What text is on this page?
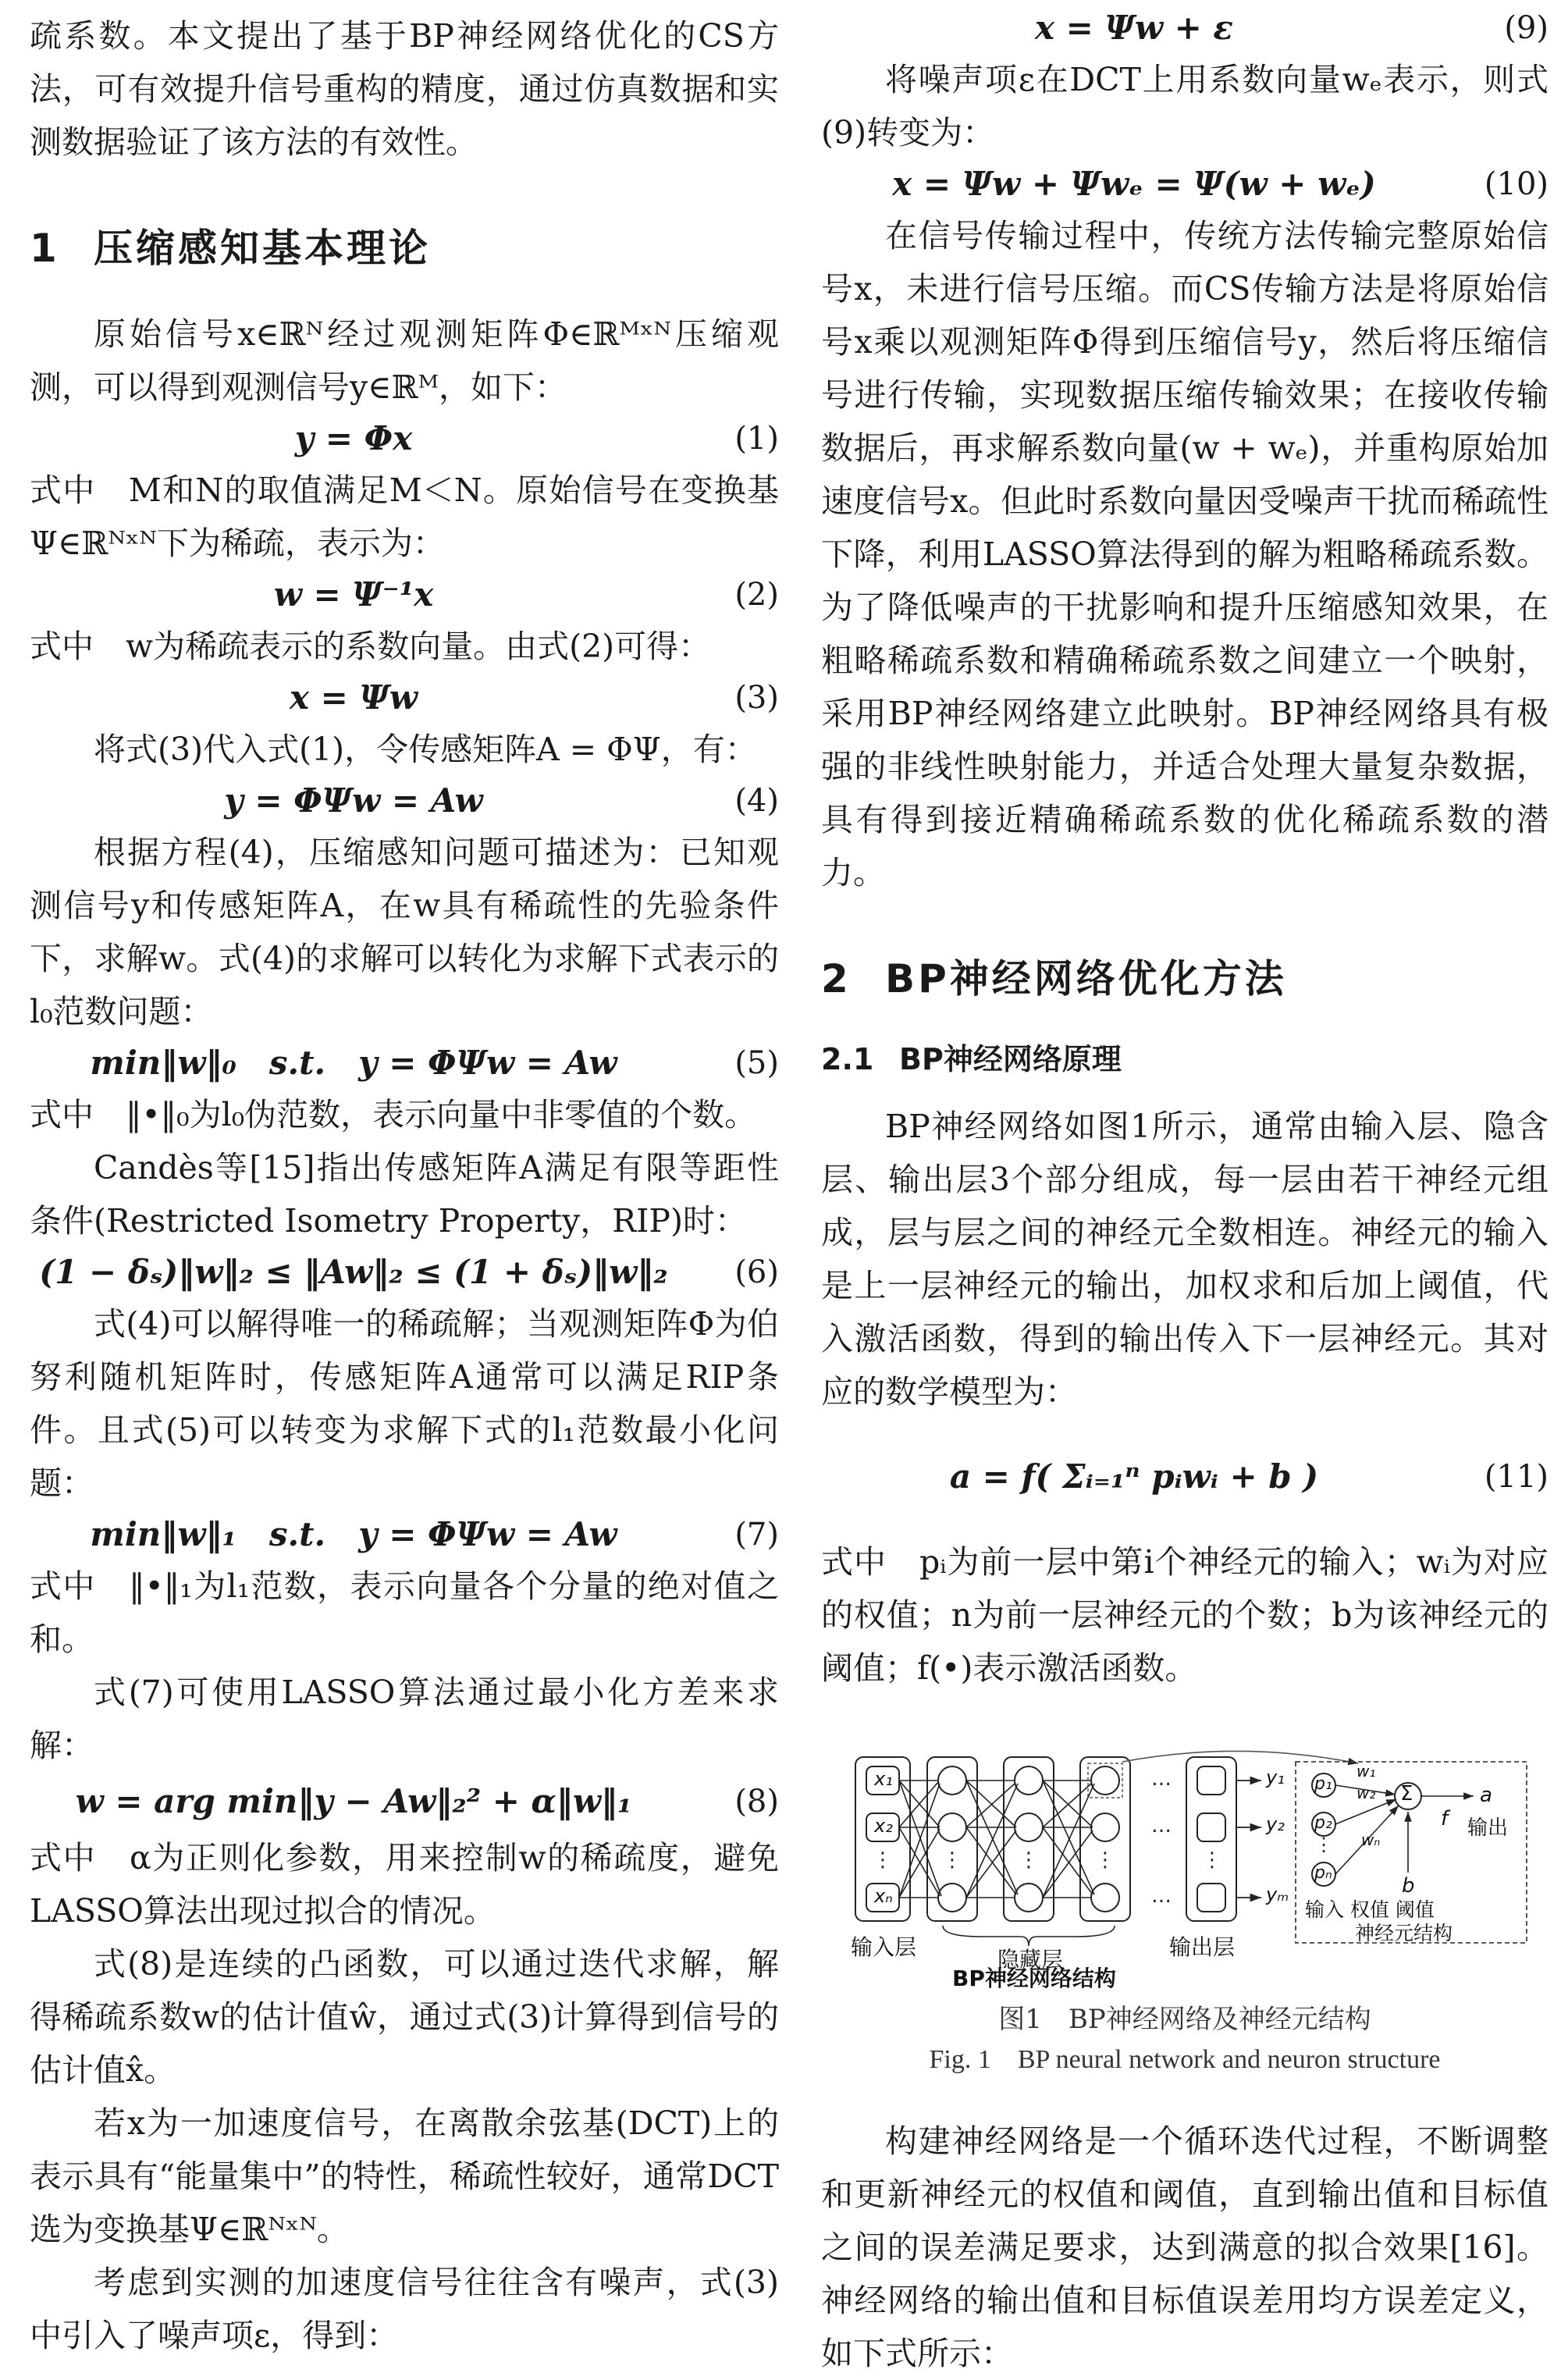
疏系数。本文提出了基于BP神经网络优化的CS方法，可有效提升信号重构的精度，通过仿真数据和实测数据验证了该方法的有效性。

1 压缩感知基本理论

原始信号x∈ℝᴺ经过观测矩阵Φ∈ℝᴹˣᴺ压缩观测，可以得到观测信号y∈ℝᴹ，如下：

y = Φx	(1)

式中　M和N的取值满足M＜N。原始信号在变换基Ψ∈ℝᴺˣᴺ下为稀疏，表示为：

w = Ψ⁻¹x	(2)

式中　w为稀疏表示的系数向量。由式(2)可得：

x = Ψw	(3)

将式(3)代入式(1)，令传感矩阵A = ΦΨ，有：

y = ΦΨw = Aw	(4)

根据方程(4)，压缩感知问题可描述为：已知观测信号y和传感矩阵A，在w具有稀疏性的先验条件下，求解w。式(4)的求解可以转化为求解下式表示的l₀范数问题：

min‖w‖₀　s.t.　y = ΦΨw = Aw	(5)

式中　‖•‖₀为l₀伪范数，表示向量中非零值的个数。

Candès等[15]指出传感矩阵A满足有限等距性条件(Restricted Isometry Property，RIP)时：

(1 − δₛ)‖w‖₂ ≤ ‖Aw‖₂ ≤ (1 + δₛ)‖w‖₂	(6)

式(4)可以解得唯一的稀疏解；当观测矩阵Φ为伯努利随机矩阵时，传感矩阵A通常可以满足RIP条件。且式(5)可以转变为求解下式的l₁范数最小化问题：

min‖w‖₁　s.t.　y = ΦΨw = Aw	(7)

式中　‖•‖₁为l₁范数，表示向量各个分量的绝对值之和。

式(7)可使用LASSO算法通过最小化方差来求解：

w = arg min‖y − Aw‖₂² + α‖w‖₁	(8)

式中　α为正则化参数，用来控制w的稀疏度，避免LASSO算法出现过拟合的情况。

式(8)是连续的凸函数，可以通过迭代求解，解得稀疏系数w的估计值ŵ，通过式(3)计算得到信号的估计值x̂。

若x为一加速度信号，在离散余弦基(DCT)上的表示具有“能量集中”的特性，稀疏性较好，通常DCT选为变换基Ψ∈ℝᴺˣᴺ。

考虑到实测的加速度信号往往含有噪声，式(3)中引入了噪声项ε，得到：

x = Ψw + ε	(9)

将噪声项ε在DCT上用系数向量wₑ表示，则式(9)转变为：

x = Ψw + Ψwₑ = Ψ(w + wₑ)	(10)

在信号传输过程中，传统方法传输完整原始信号x，未进行信号压缩。而CS传输方法是将原始信号x乘以观测矩阵Φ得到压缩信号y，然后将压缩信号进行传输，实现数据压缩传输效果；在接收传输数据后，再求解系数向量(w + wₑ)，并重构原始加速度信号x。但此时系数向量因受噪声干扰而稀疏性下降，利用LASSO算法得到的解为粗略稀疏系数。为了降低噪声的干扰影响和提升压缩感知效果，在粗略稀疏系数和精确稀疏系数之间建立一个映射，采用BP神经网络建立此映射。BP神经网络具有极强的非线性映射能力，并适合处理大量复杂数据，具有得到接近精确稀疏系数的优化稀疏系数的潜力。

2 BP神经网络优化方法
2.1 BP神经网络原理

BP神经网络如图1所示，通常由输入层、隐含层、输出层3个部分组成，每一层由若干神经元组成，层与层之间的神经元全数相连。神经元的输入是上一层神经元的输出，加权求和后加上阈值，代入激活函数，得到的输出传入下一层神经元。其对应的数学模型为：

a = f( Σᵢ₌₁ⁿ pᵢwᵢ + b )	(11)

式中　pᵢ为前一层中第i个神经元的输入；wᵢ为对应的权值；n为前一层神经元的个数；b为该神经元的阈值；f(•)表示激活函数。

⋮	⋮	⋮
⋮
…
…
…
⋮
⋮
x₁
x₂
xₙ
y₁
y₂
yₘ
p₁
p₂
pₙ
w₁
w₂
wₙ
Σ
f
a
输出
b
输入 权值 阈值
神经元结构
输入层	隐藏层	输出层
BP神经网络结构
图1　BP神经网络及神经元结构
Fig. 1　BP neural network and neuron structure

构建神经网络是一个循环迭代过程，不断调整和更新神经元的权值和阈值，直到输出值和目标值之间的误差满足要求，达到满意的拟合效果[16]。神经网络的输出值和目标值误差用均方误差定义，如下式所示：
